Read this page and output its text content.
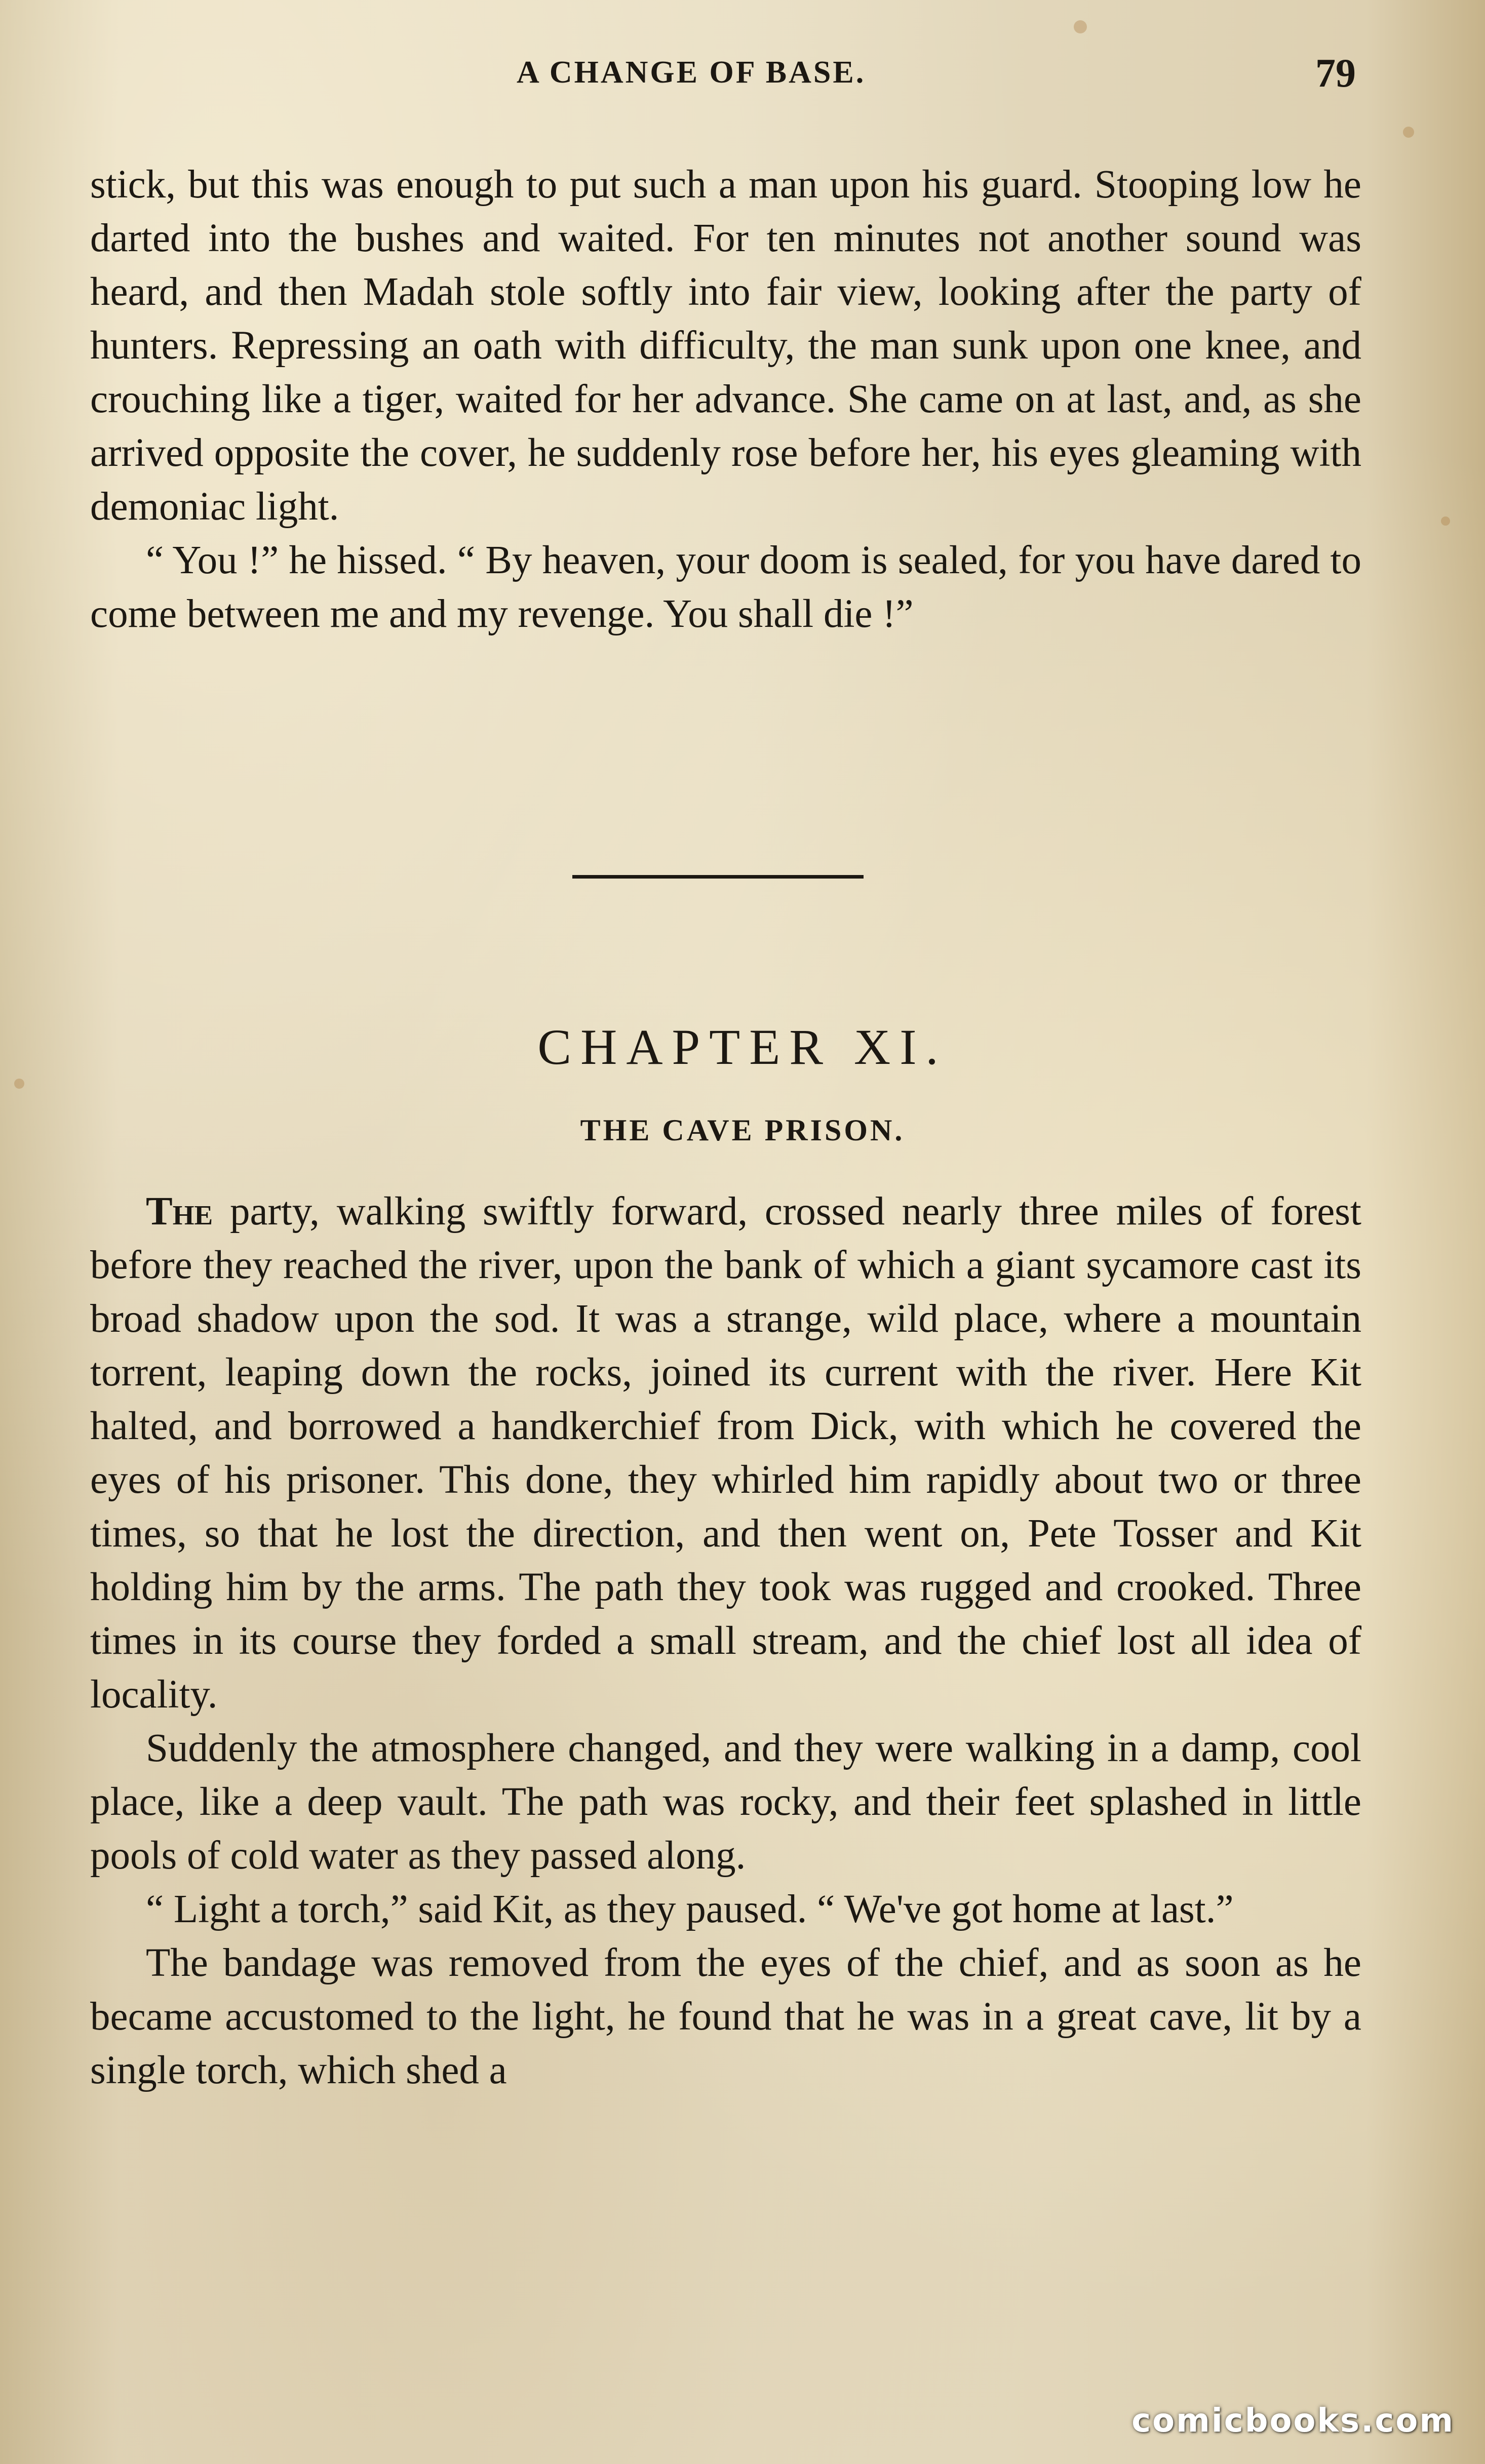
A CHANGE OF BASE.	79

stick, but this was enough to put such a man upon his guard. Stooping low he darted into the bushes and waited. For ten minutes not another sound was heard, and then Madah stole softly into fair view, looking after the party of hunters. Repressing an oath with difficulty, the man sunk upon one knee, and crouching like a tiger, waited for her advance. She came on at last, and, as she arrived opposite the cover, he suddenly rose before her, his eyes gleaming with demoniac light.

“ You !” he hissed. “ By heaven, your doom is sealed, for you have dared to come between me and my revenge. You shall die !”

CHAPTER XI.
THE CAVE PRISON.

The party, walking swiftly forward, crossed nearly three miles of forest before they reached the river, upon the bank of which a giant sycamore cast its broad shadow upon the sod. It was a strange, wild place, where a mountain torrent, leaping down the rocks, joined its current with the river. Here Kit halted, and borrowed a handkerchief from Dick, with which he covered the eyes of his prisoner. This done, they whirled him rapidly about two or three times, so that he lost the direction, and then went on, Pete Tosser and Kit holding him by the arms. The path they took was rugged and crooked. Three times in its course they forded a small stream, and the chief lost all idea of locality.

Suddenly the atmosphere changed, and they were walking in a damp, cool place, like a deep vault. The path was rocky, and their feet splashed in little pools of cold water as they passed along.

“ Light a torch,” said Kit, as they paused. “ We've got home at last.”

The bandage was removed from the eyes of the chief, and as soon as he became accustomed to the light, he found that he was in a great cave, lit by a single torch, which shed a

comicbooks.com
